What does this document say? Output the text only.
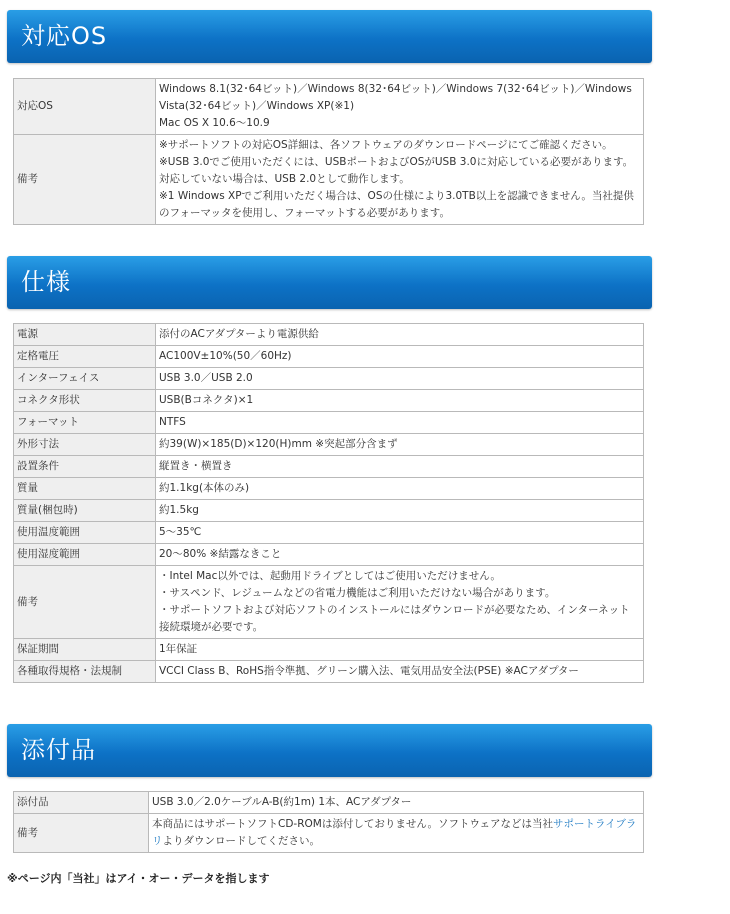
対応OS
対応OS	Windows 8.1(32･64ビット)／Windows 8(32･64ビット)／Windows 7(32･64ビット)／Windows
Vista(32･64ビット)／Windows XP(※1)
Mac OS X 10.6～10.9

備考	※サポートソフトの対応OS詳細は、各ソフトウェアのダウンロードページにてご確認ください。
※USB 3.0でご使用いただくには、USBポートおよびOSがUSB 3.0に対応している必要があります。対応していない場合は、USB 2.0として動作します。
※1 Windows XPでご利用いただく場合は、OSの仕様により3.0TB以上を認識できません。当社提供のフォーマッタを使用し、フォーマットする必要があります。
仕様
電源	添付のACアダプターより電源供給
定格電圧	AC100V±10%(50／60Hz)
インターフェイス	USB 3.0／USB 2.0
コネクタ形状	USB(Bコネクタ)×1
フォーマット	NTFS
外形寸法	約39(W)×185(D)×120(H)mm ※突起部分含まず
設置条件	縦置き・横置き
質量	約1.1kg(本体のみ)
質量(梱包時)	約1.5kg
使用温度範囲	5～35℃
使用湿度範囲	20～80% ※結露なきこと
備考	・Intel Mac以外では、起動用ドライブとしてはご使用いただけません。
・サスペンド、レジュームなどの省電力機能はご利用いただけない場合があります。
・サポートソフトおよび対応ソフトのインストールにはダウンロードが必要なため、インターネット接続環境が必要です。

保証期間	1年保証
各種取得規格・法規制	VCCI Class B、RoHS指令準拠、グリーン購入法、電気用品安全法(PSE) ※ACアダプター
添付品
添付品	USB 3.0／2.0ケーブルA-B(約1m) 1本、ACアダプター
備考	本商品にはサポートソフトCD-ROMは添付しておりません。ソフトウェアなどは当社サポートライブラリよりダウンロードしてください。
※ページ内「当社」はアイ・オー・データを指します
